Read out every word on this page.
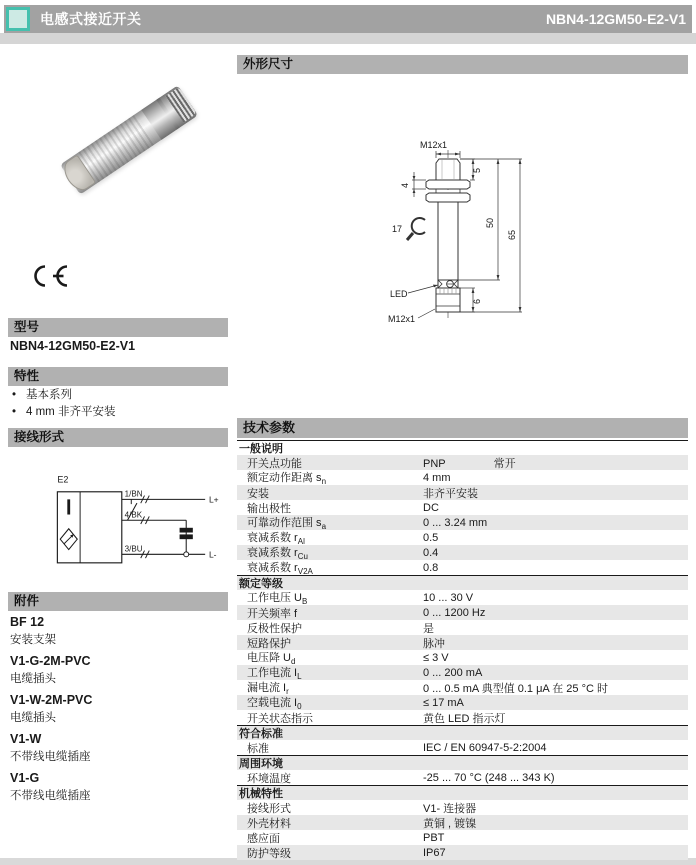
电感式接近开关	NBN4-12GM50-E2-V1
型号
NBN4-12GM50-E2-V1
特性
• 基本系列
• 4 mm 非齐平安装
接线形式
E2
1/BN
L+
4/BK
3/BU
L-
附件
BF 12
安装支架
V1-G-2M-PVC
电缆插头
V1-W-2M-PVC
电缆插头
V1-W
不带线电缆插座
V1-G
不带线电缆插座
外形尺寸
M12x1
5
4
17
LED
6
50
65
M12x1
技术参数
一般说明
开关点功能	PNP	常开
额定动作距离 $s_n$	4 mm
安装	非齐平安装
输出极性	DC
可靠动作范围 $s_a$	0 ... 3.24 mm
衰减系数 $r_{Al}$	0.5
衰减系数 $r_{Cu}$	0.4
衰减系数 $r_{V2A}$	0.8
额定等级
工作电压 $U_B$	10 ... 30 V
开关频率 f	0 ... 1200 Hz
反极性保护	是
短路保护	脉冲
电压降 $U_d$	≤ 3 V
工作电流 $I_L$	0 ... 200 mA
漏电流 $I_r$	0 ... 0.5 mA 典型值 0.1 μA 在 25 °C 时
空载电流 $I_0$	≤ 17 mA
开关状态指示	黄色 LED 指示灯
符合标准
标准	IEC / EN 60947-5-2:2004
周围环境
环境温度	-25 ... 70 °C (248 ... 343 K)
机械特性
接线形式	V1- 连接器
外壳材料	黄铜 , 镀镍
感应面	PBT
防护等级	IP67
